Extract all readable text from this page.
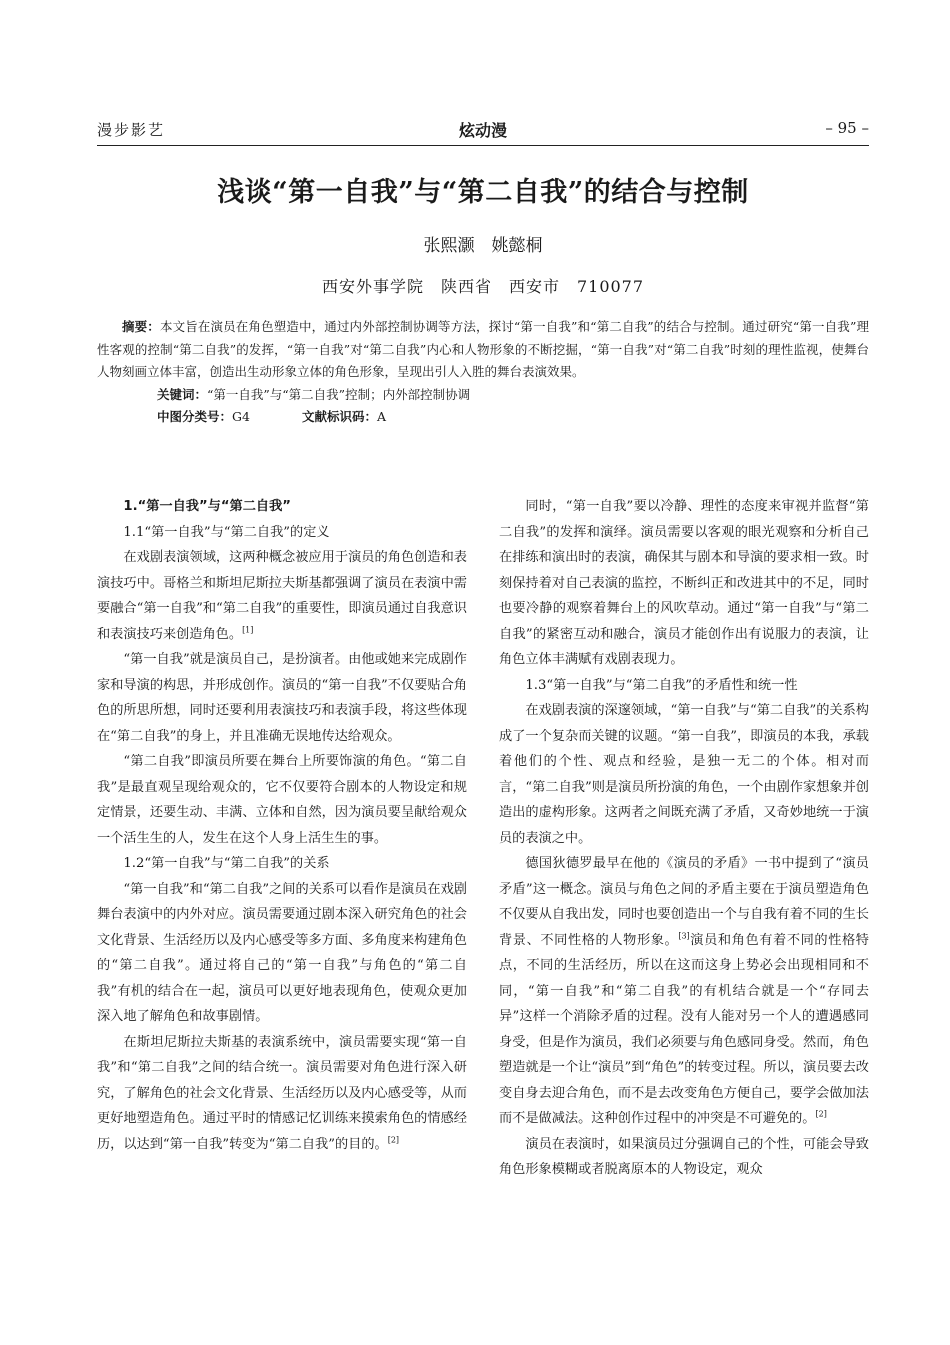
漫步影艺	炫动漫	– 95 –
浅谈“第一自我”与“第二自我”的结合与控制
张熙灏　姚懿桐
西安外事学院　陕西省　西安市　710077

摘要：本文旨在演员在角色塑造中，通过内外部控制协调等方法，探讨“第一自我”和“第二自我”的结合与控制。通过研究“第一自我”理性客观的控制“第二自我”的发挥，“第一自我”对“第二自我”内心和人物形象的不断挖掘，“第一自我”对“第二自我”时刻的理性监视，使舞台人物刻画立体丰富，创造出生动形象立体的角色形象，呈现出引人入胜的舞台表演效果。

关键词：“第一自我”与“第二自我”控制；内外部控制协调

中图分类号：G4	文献标识码：A

1.“第一自我”与“第二自我”
1.1“第一自我”与“第二自我”的定义

在戏剧表演领域，这两种概念被应用于演员的角色创造和表演技巧中。哥格兰和斯坦尼斯拉夫斯基都强调了演员在表演中需要融合“第一自我”和“第二自我”的重要性，即演员通过自我意识和表演技巧来创造角色。[1]

“第一自我”就是演员自己，是扮演者。由他或她来完成剧作家和导演的构思，并形成创作。演员的“第一自我”不仅要贴合角色的所思所想，同时还要利用表演技巧和表演手段，将这些体现在“第二自我”的身上，并且准确无误地传达给观众。

“第二自我”即演员所要在舞台上所要饰演的角色。“第二自我”是最直观呈现给观众的，它不仅要符合剧本的人物设定和规定情景，还要生动、丰满、立体和自然，因为演员要呈献给观众一个活生生的人，发生在这个人身上活生生的事。

1.2“第一自我”与“第二自我”的关系

“第一自我”和“第二自我”之间的关系可以看作是演员在戏剧舞台表演中的内外对应。演员需要通过剧本深入研究角色的社会文化背景、生活经历以及内心感受等多方面、多角度来构建角色的“第二自我”。通过将自己的“第一自我”与角色的“第二自我”有机的结合在一起，演员可以更好地表现角色，使观众更加深入地了解角色和故事剧情。

在斯坦尼斯拉夫斯基的表演系统中，演员需要实现“第一自我”和“第二自我”之间的结合统一。演员需要对角色进行深入研究，了解角色的社会文化背景、生活经历以及内心感受等，从而更好地塑造角色。通过平时的情感记忆训练来摸索角色的情感经历，以达到“第一自我”转变为“第二自我”的目的。[2]

同时，“第一自我”要以冷静、理性的态度来审视并监督“第二自我”的发挥和演绎。演员需要以客观的眼光观察和分析自己在排练和演出时的表演，确保其与剧本和导演的要求相一致。时刻保持着对自己表演的监控，不断纠正和改进其中的不足，同时也要冷静的观察着舞台上的风吹草动。通过“第一自我”与“第二自我”的紧密互动和融合，演员才能创作出有说服力的表演，让角色立体丰满赋有戏剧表现力。

1.3“第一自我”与“第二自我”的矛盾性和统一性

在戏剧表演的深邃领域，“第一自我”与“第二自我”的关系构成了一个复杂而关键的议题。“第一自我”，即演员的本我，承载着他们的个性、观点和经验，是独一无二的个体。相对而言，“第二自我”则是演员所扮演的角色，一个由剧作家想象并创造出的虚构形象。这两者之间既充满了矛盾，又奇妙地统一于演员的表演之中。

德国狄德罗最早在他的《演员的矛盾》一书中提到了“演员矛盾”这一概念。演员与角色之间的矛盾主要在于演员塑造角色不仅要从自我出发，同时也要创造出一个与自我有着不同的生长背景、不同性格的人物形象。[3]演员和角色有着不同的性格特点，不同的生活经历，所以在这而这身上势必会出现相同和不同，“第一自我”和“第二自我”的有机结合就是一个“存同去异”这样一个消除矛盾的过程。没有人能对另一个人的遭遇感同身受，但是作为演员，我们必须要与角色感同身受。然而，角色塑造就是一个让“演员”到“角色”的转变过程。所以，演员要去改变自身去迎合角色，而不是去改变角色方便自己，要学会做加法而不是做减法。这种创作过程中的冲突是不可避免的。[2]

演员在表演时，如果演员过分强调自己的个性，可能会导致角色形象模糊或者脱离原本的人物设定，观众
